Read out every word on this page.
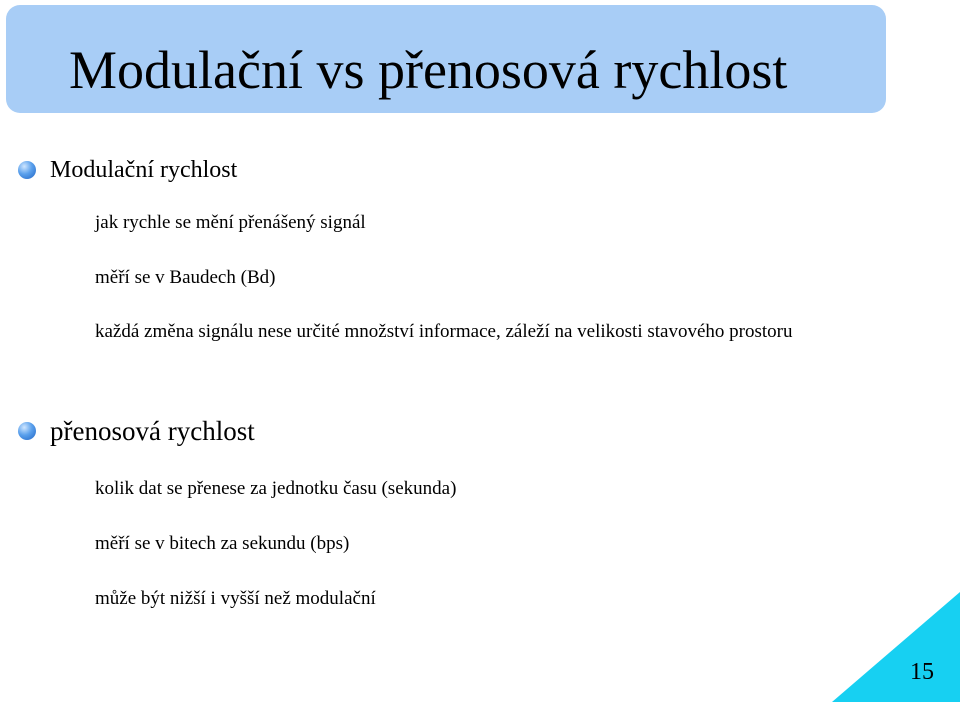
Modulační vs přenosová rychlost
Modulační rychlost
jak rychle se mění přenášený signál
měří se v Baudech (Bd)
každá změna signálu nese určité množství informace, záleží na velikosti stavového prostoru
přenosová rychlost
kolik dat se přenese za jednotku času (sekunda)
měří se v bitech za sekundu (bps)
může být nižší i vyšší než modulační
15
